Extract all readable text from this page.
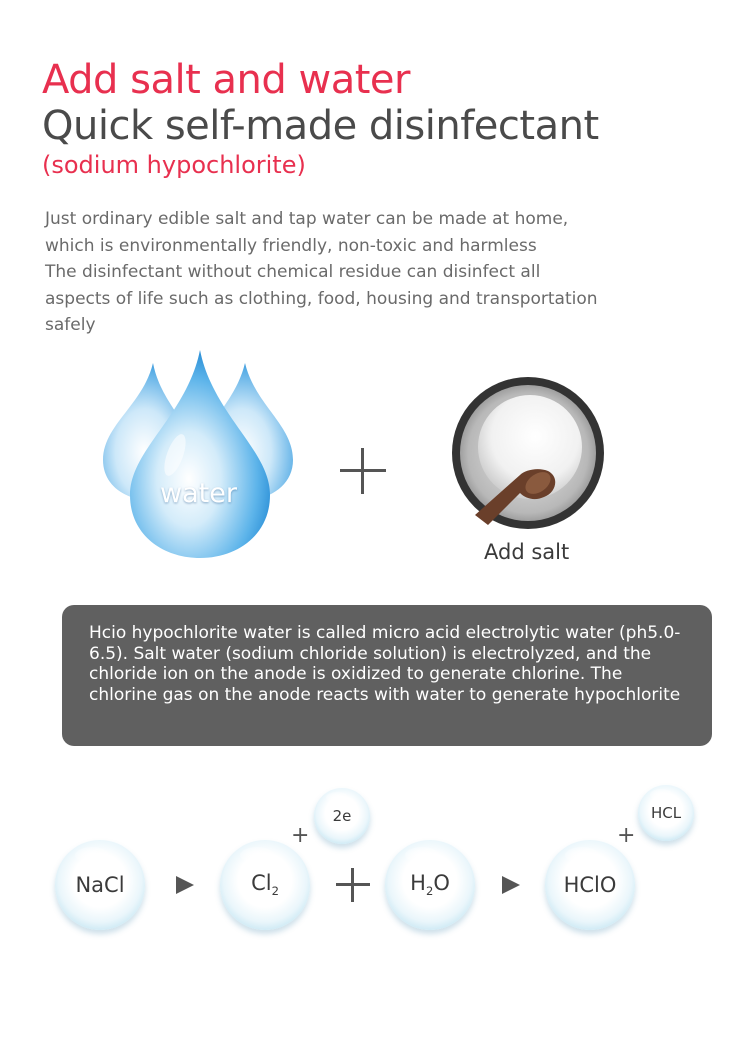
Add salt and water
Quick self-made disinfectant
(sodium hypochlorite)

Just ordinary edible salt and tap water can be made at home,

which is environmentally friendly, non-toxic and harmless

The disinfectant without chemical residue can disinfect all

aspects of life such as clothing, food, housing and transportation

safely

water
Add salt

Hcio hypochlorite water is called micro acid electrolytic water (ph5.0-6.5). Salt water (sodium chloride solution) is electrolyzed, and the chloride ion on the anode is oxidized to generate chlorine. The chlorine gas on the anode reacts with water to generate hypochlorite

NaCl	$Cl_2$
+
2e
$H_2O$	HClO
+
HCL
